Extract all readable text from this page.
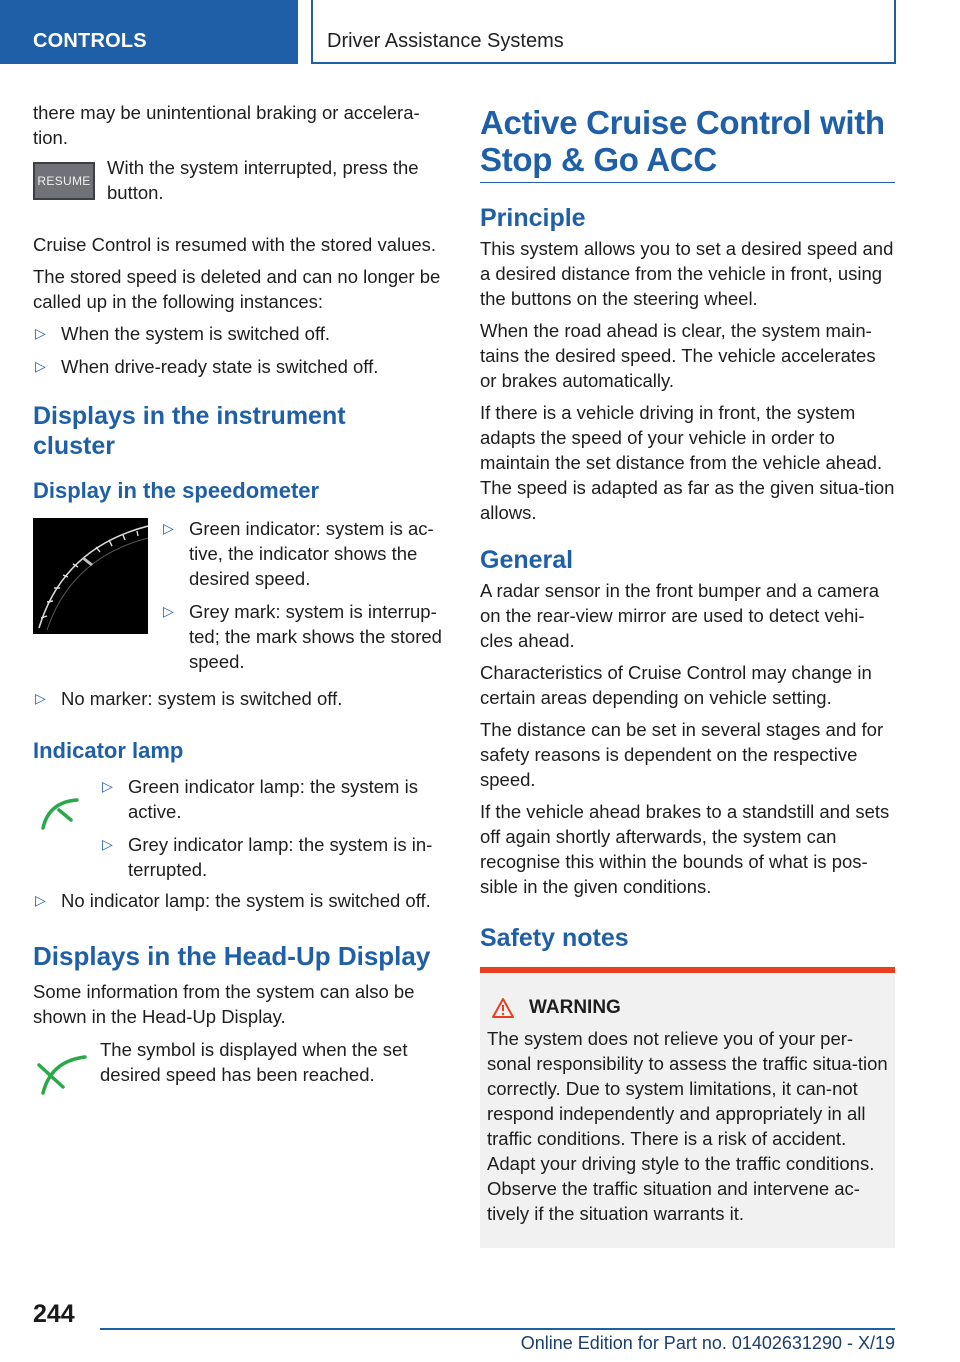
CONTROLS	Driver Assistance Systems

there may be unintentional braking or accelera-tion.

RESUME
With the system interrupted, press the button.

Cruise Control is resumed with the stored values.

The stored speed is deleted and can no longer be called up in the following instances:

▷ When the system is switched off.
▷ When drive-ready state is switched off.
Displays in the instrument cluster
Display in the speedometer
▷ Green indicator: system is ac-tive, the indicator shows the desired speed.
▷ Grey mark: system is interrup-ted; the mark shows the stored speed.
▷ No marker: system is switched off.
Indicator lamp
▷ Green indicator lamp: the system is active.
▷ Grey indicator lamp: the system is in-terrupted.
▷ No indicator lamp: the system is switched off.
Displays in the Head-Up Display

Some information from the system can also be shown in the Head-Up Display.

The symbol is displayed when the set desired speed has been reached.
Active Cruise Control with Stop & Go ACC
Principle

This system allows you to set a desired speed and a desired distance from the vehicle in front, using the buttons on the steering wheel.

When the road ahead is clear, the system main-tains the desired speed. The vehicle accelerates or brakes automatically.

If there is a vehicle driving in front, the system adapts the speed of your vehicle in order to maintain the set distance from the vehicle ahead. The speed is adapted as far as the given situa-tion allows.

General

A radar sensor in the front bumper and a camera on the rear-view mirror are used to detect vehi-cles ahead.

Characteristics of Cruise Control may change in certain areas depending on vehicle setting.

The distance can be set in several stages and for safety reasons is dependent on the respective speed.

If the vehicle ahead brakes to a standstill and sets off again shortly afterwards, the system can recognise this within the bounds of what is pos-sible in the given conditions.

Safety notes
WARNING
The system does not relieve you of your per-sonal responsibility to assess the traffic situa-tion correctly. Due to system limitations, it can-not respond independently and appropriately in all traffic conditions. There is a risk of accident. Adapt your driving style to the traffic conditions. Observe the traffic situation and intervene ac-tively if the situation warrants it.
244
Online Edition for Part no. 01402631290 - X/19
